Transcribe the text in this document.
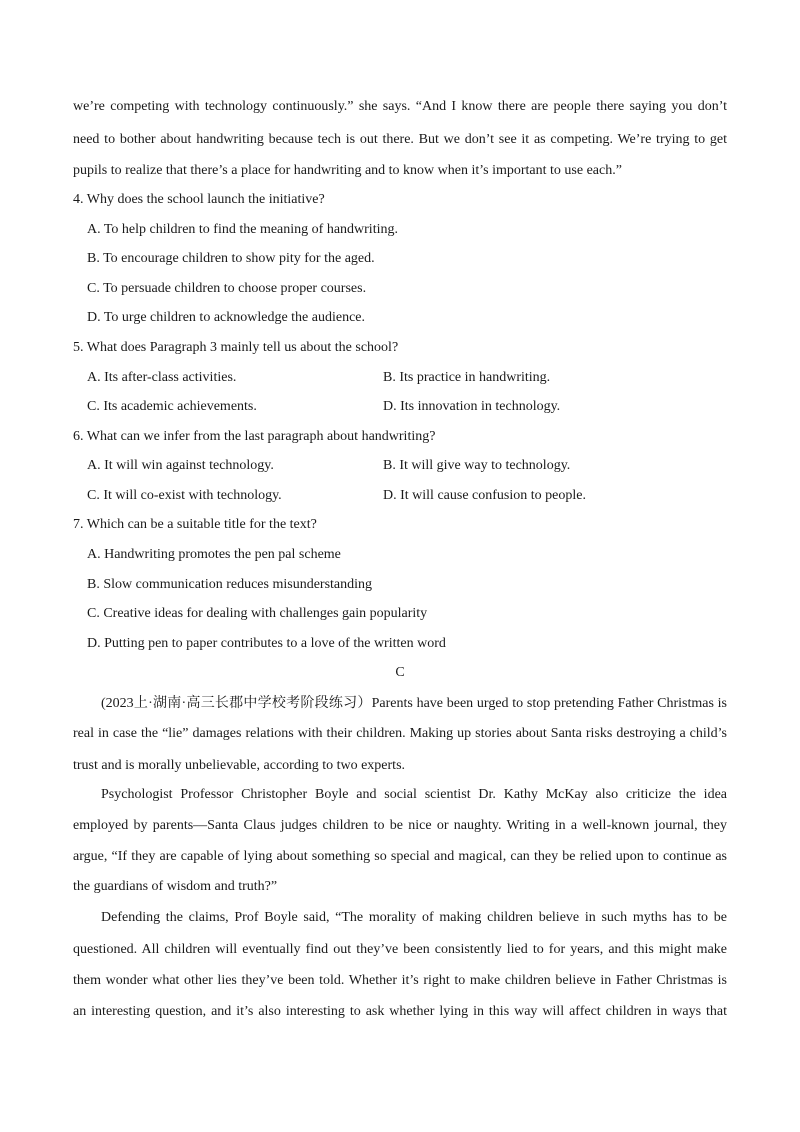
we’re competing with technology continuously.” she says. “And I know there are people there saying you don’t
need to bother about handwriting because tech is out there. But we don’t see it as competing. We’re trying to get
pupils to realize that there’s a place for handwriting and to know when it’s important to use each.”
4. Why does the school launch the initiative?
A. To help children to find the meaning of handwriting.
B. To encourage children to show pity for the aged.
C. To persuade children to choose proper courses.
D. To urge children to acknowledge the audience.
5. What does Paragraph 3 mainly tell us about the school?
A. Its after-class activities.	B. Its practice in handwriting.
C. Its academic achievements.	D. Its innovation in technology.
6. What can we infer from the last paragraph about handwriting?
A. It will win against technology.	B. It will give way to technology.
C. It will co-exist with technology.	D. It will cause confusion to people.
7. Which can be a suitable title for the text?
A. Handwriting promotes the pen pal scheme
B. Slow communication reduces misunderstanding
C. Creative ideas for dealing with challenges gain popularity
D. Putting pen to paper contributes to a love of the written word
C
(2023上·湖南·高三长郡中学校考阶段练习）Parents have been urged to stop pretending Father Christmas is
real in case the “lie” damages relations with their children. Making up stories about Santa risks destroying a child’s
trust and is morally unbelievable, according to two experts.
Psychologist Professor Christopher Boyle and social scientist Dr. Kathy McKay also criticize the idea
employed by parents—Santa Claus judges children to be nice or naughty. Writing in a well-known journal, they
argue, “If they are capable of lying about something so special and magical, can they be relied upon to continue as
the guardians of wisdom and truth?”
Defending the claims, Prof Boyle said, “The morality of making children believe in such myths has to be
questioned. All children will eventually find out they’ve been consistently lied to for years, and this might make
them wonder what other lies they’ve been told. Whether it’s right to make children believe in Father Christmas is
an interesting question, and it’s also interesting to ask whether lying in this way will affect children in ways that
